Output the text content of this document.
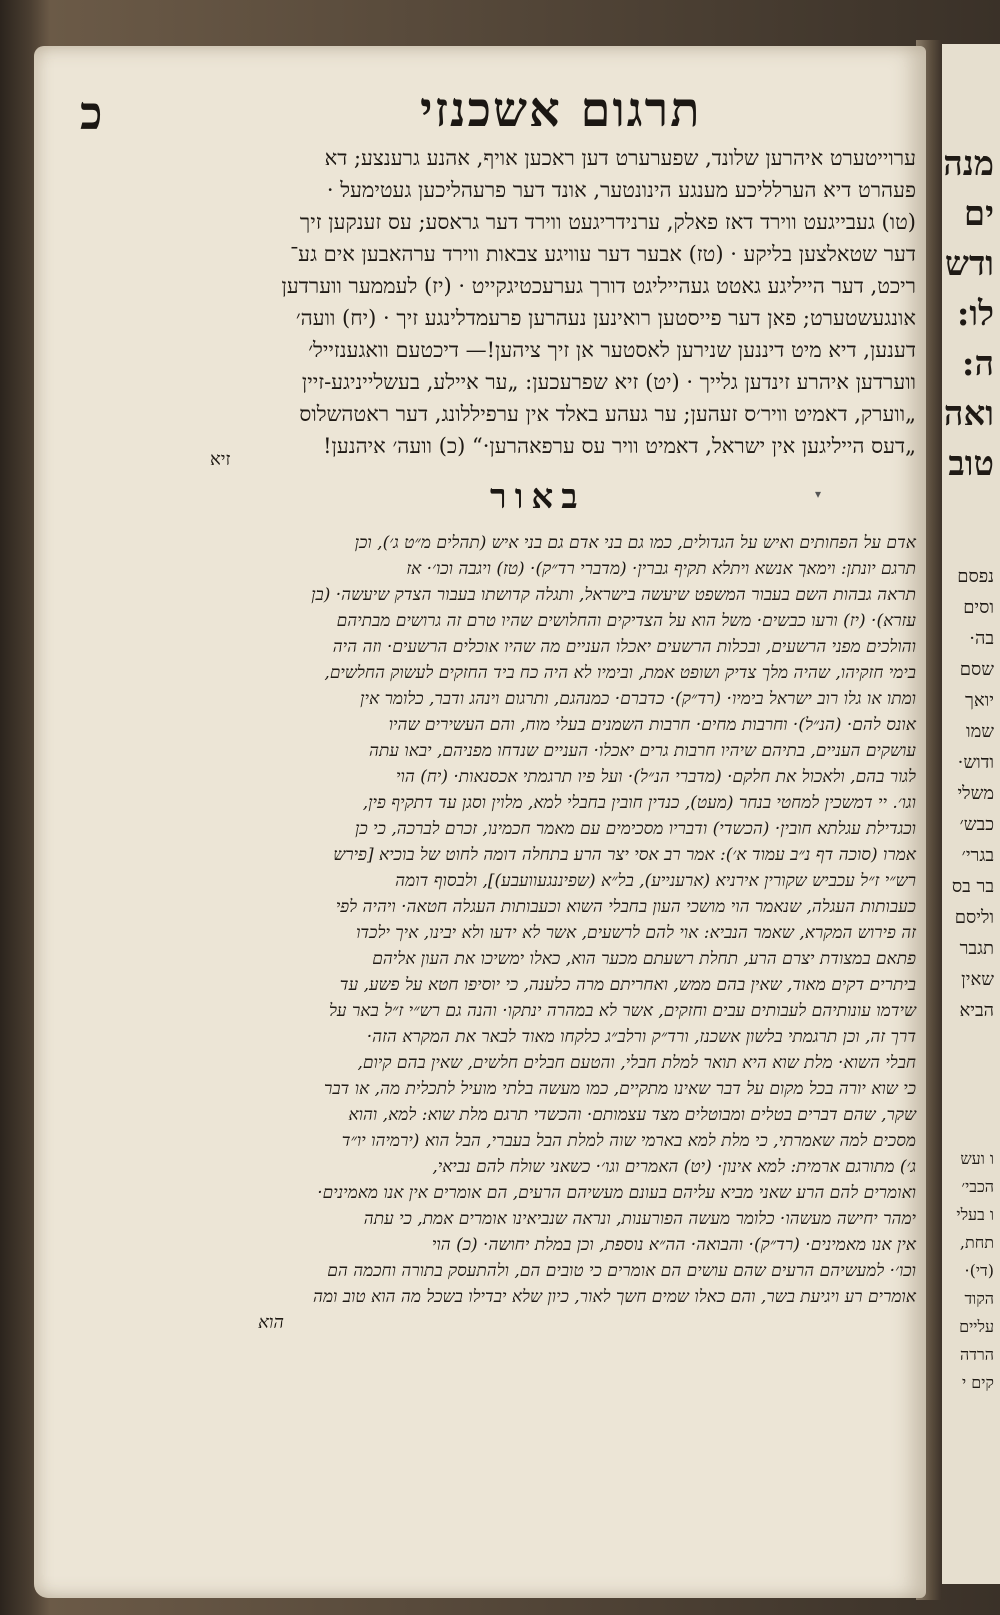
מנה
ים
ודש
לו:
ה:
ואה
טוב
נפסם
וסים
בה·
שסם
יואך
שמו
ודוש·
משלי
כבש׳
בגרי׳
בר בס
וליסם
תגבר
שאין
הביא
ו ועש
הכבי׳
ו בעלי
תחת,
(די)·
הקוד
עליים
הרדה
קים י
כ	תרגום אשכנזי
ערוייטערט איהרען שלונד, שפערערט דען ראכען אויף, אהנע גרענצע; דא
פעהרט דיא הערלליכע מענגע הינונטער, אונד דער פרעהליכען געטימעל ·
(טו) געבייגעט ווירד דאז פאלק, ערנידריגעט ווירד דער גראסע; עס זענקען זיך
דער שטאלצען בליקע · (טז) אבער דער עוויגע צבאות ווירד ערהאבען אים גע־
ריכט, דער הייליגע גאטט געהייליגט דורך גערעכטיגקייט · (יז) לעממער ווערדען
אונגעשטערט; פאן דער פייסטען רואינען נעהרען פרעמדלינגע זיך · (יח) וועה׳
דענען, דיא מיט דיננען שנירען לאסטער אן זיך ציהען!— דיכטעם וואגענזייל׳
ווערדען איהרע זינדען גלייך · (יט) זיא שפרעכען: „ער איילע, בעשלייניגע-זיין
„ווערק, דאמיט וויר׳ס זעהען; ער געהע באלד אין ערפיללונג, דער ראטהשלוס
„דעס הייליגען אין ישראל, דאמיט וויר עס ערפאהרען·“ (כ) וועה׳ איהנען!
זיא
באור	▾
אדם על הפחותים ואיש על הגדולים, כמו גם בני אדם גם בני איש (תהלים מ״ט ג׳), וכן
תרגם יונתן: וימאך אנשא ויתלא תקיף גברין· (מדברי רד״ק)· (טז) ויגבה וכו׳· אז
תראה גבהות השם בעבור המשפט שיעשה בישראל, ותגלה קדושתו בעבור הצדק שיעשה· (בן
עזרא)· (יז) ורעו כבשים· משל הוא על הצדיקים והחלושים שהיו טרם זה גרושים מבתיהם
והולכים מפני הרשעים, ובכלות הרשעים יאכלו העניים מה שהיו אוכלים הרשעים· וזה היה
בימי חזקיהו, שהיה מלך צדיק ושופט אמת, ובימיו לא היה כח ביד החזקים לעשוק החלשים,
ומתו או גלו רוב ישראל בימיו· (רד״ק)· כדברם· כמנהגם, ותרגום וינהג ודבר, כלומר אין
אונס להם· (הנ״ל)· וחרבות מחים· חרבות השמנים בעלי מוח, והם העשירים שהיו
עושקים העניים, בתיהם שיהיו חרבות גרים יאכלו· העניים שנדחו מפניהם, יבאו עתה
לגור בהם, ולאכול את חלקם· (מדברי הנ״ל)· ועל פיו תרגמתי אכסנאות· (יח) הוי
וגו׳. יי דמשכין למחטי בנחר (מעט), כנדין חובין בחבלי למא, מלוין וסגן עד דתקיף פין,
וכגדילת עגלתא חובין· (הכשדי) ודבריו מסכימים עם מאמר חכמינו, זכרם לברכה, כי כן
אמרו (סוכה דף נ״ב עמוד א׳): אמר רב אסי יצר הרע בתחלה דומה לחוט של בוכיא [פירש
רש״י ז״ל עכביש שקורין אירניא (ארענייע), בל״א (שפיננגעוועבע)], ולבסוף דומה
כעבותות העגלה, שנאמר הוי מושכי העון בחבלי השוא וכעבותות העגלה חטאה· ויהיה לפי
זה פירוש המקרא, שאמר הנביא: אוי להם לרשעים, אשר לא ידעו ולא יבינו, איך ילכדו
פתאם במצודת יצרם הרע, תחלת רשעתם מכער הוא, כאלו ימשיכו את העון אליהם
ביתרים דקים מאוד, שאין בהם ממש, ואחריתם מרה כלענה, כי יוסיפו חטא על פשע, עד
שידמו עונותיהם לעבותים עבים וחזקים, אשר לא במהרה ינתקו· והנה גם רש״י ז״ל באר על
דרך זה, וכן תרגמתי בלשון אשכנז, ורד״ק ורלב״ג כלקחו מאוד לבאר את המקרא הזה·
חבלי השוא· מלת שוא היא תואר למלת חבלי, והטעם חבלים חלשים, שאין בהם קיום,
כי שוא יורה בכל מקום על דבר שאינו מתקיים, כמו מעשה בלתי מועיל לתכלית מה, או דבר
שקר, שהם דברים בטלים ומבוטלים מצד עצמותם· והכשדי תרגם מלת שוא: למא, והוא
מסכים למה שאמרתי, כי מלת למא בארמי שוה למלת הבל בעברי, הבל הוא (ירמיהו יו״ד
ג׳) מתורגם ארמית: למא אינון· (יט) האמרים וגו׳· כשאני שולח להם נביאי,
ואומרים להם הרע שאני מביא עליהם בעונם מעשיהם הרעים, הם אומרים אין אנו מאמינים·
ימהר יחישה מעשהו· כלומר מעשה הפורענות, ונראה שנביאינו אומרים אמת, כי עתה
אין אנו מאמינים· (רד״ק)· והבואה· הה״א נוספת, וכן במלת יחושה· (כ) הוי
וכו׳· למעשיהם הרעים שהם עושים הם אומרים כי טובים הם, ולהתעסק בתורה וחכמה הם
אומרים רע ויגיעת בשר, והם כאלו שמים חשך לאור, כיון שלא יבדילו בשכל מה הוא טוב ומה
הוא
